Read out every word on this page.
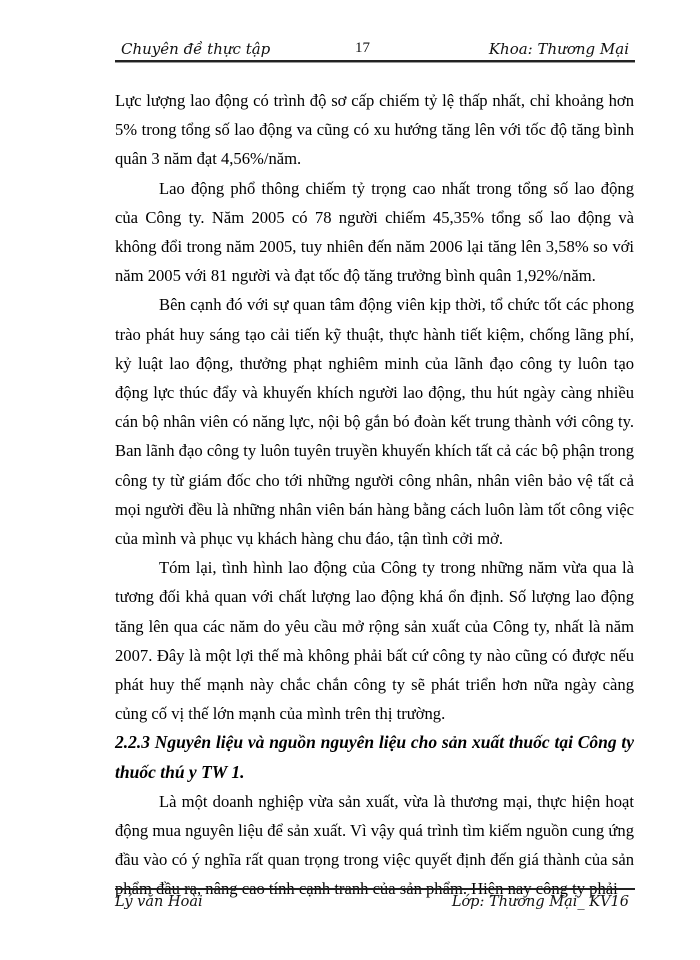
Chuyên đề thực tập	17	Khoa: Thương Mại

Lực lượng lao động có trình độ sơ cấp chiếm tỷ lệ thấp nhất, chỉ khoảng hơn 5% trong tổng số lao động va cũng có xu hướng tăng lên với tốc độ tăng bình quân 3 năm đạt 4,56%/năm.

Lao động phổ thông chiếm tỷ trọng cao nhất trong tổng số lao động của Công ty. Năm 2005 có 78 người chiếm 45,35% tổng số lao động và không đổi trong năm 2005, tuy nhiên đến năm 2006 lại tăng lên 3,58% so với năm 2005 với 81 người và đạt tốc độ tăng trưởng bình quân 1,92%/năm.

Bên cạnh đó với sự quan tâm động viên kịp thời, tổ chức tốt các phong trào phát huy sáng tạo cải tiến kỹ thuật, thực hành tiết kiệm, chống lãng phí, kỷ luật lao động, thưởng phạt nghiêm minh của lãnh đạo công ty luôn tạo động lực thúc đẩy và khuyến khích người lao động, thu hút ngày càng nhiều cán bộ nhân viên có năng lực, nội bộ gắn bó đoàn kết trung thành với công ty. Ban lãnh đạo công ty luôn tuyên truyền khuyến khích tất cả các bộ phận trong công ty từ giám đốc cho tới những người công nhân, nhân viên bảo vệ tất cả mọi người đều là những nhân viên bán hàng bằng cách luôn làm tốt công việc của mình và phục vụ khách hàng chu đáo, tận tình cởi mở.

Tóm lại, tình hình lao động của Công ty trong những năm vừa qua là tương đối khả quan với chất lượng lao động khá ổn định. Số lượng lao động tăng lên qua các năm do yêu cầu mở rộng sản xuất của Công ty, nhất là năm 2007. Đây là một lợi thế mà không phải bất cứ công ty nào cũng có được nếu phát huy thế mạnh này chắc chắn công ty sẽ phát triển hơn nữa ngày càng củng cố vị thế lớn mạnh của mình trên thị trường.

2.2.3 Nguyên liệu và nguồn nguyên liệu cho sản xuất thuốc tại Công ty thuốc thú y TW 1.

Là một doanh nghiệp vừa sản xuất, vừa là thương mại, thực hiện hoạt động mua nguyên liệu để sản xuất. Vì vậy quá trình tìm kiếm nguồn cung ứng đầu vào có ý nghĩa rất quan trọng trong việc quyết định đến giá thành của sản phẩm đầu ra, nâng cao tính cạnh tranh của sản phẩm. Hiện nay công ty phải

Lý văn Hoài	Lớp: Thương Mại_ KV16
